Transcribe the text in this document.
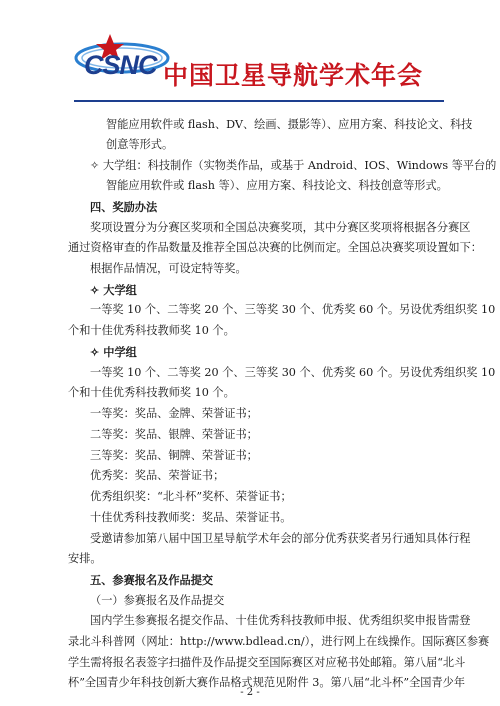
CSNC 中国卫星导航学术年会
智能应用软件或 flash、DV、绘画、摄影等）、应用方案、科技论文、科技
创意等形式。
✧ 大学组：科技制作（实物类作品，或基于 Android、IOS、Windows 等平台的
智能应用软件或 flash 等）、应用方案、科技论文、科技创意等形式。
四、奖励办法
奖项设置分为分赛区奖项和全国总决赛奖项，其中分赛区奖项将根据各分赛区
通过资格审查的作品数量及推荐全国总决赛的比例而定。全国总决赛奖项设置如下：
根据作品情况，可设定特等奖。
✧ 大学组
一等奖 10 个、二等奖 20 个、三等奖 30 个、优秀奖 60 个。另设优秀组织奖 10
个和十佳优秀科技教师奖 10 个。
✧ 中学组
一等奖 10 个、二等奖 20 个、三等奖 30 个、优秀奖 60 个。另设优秀组织奖 10
个和十佳优秀科技教师奖 10 个。
一等奖：奖品、金牌、荣誉证书；
二等奖：奖品、银牌、荣誉证书；
三等奖：奖品、铜牌、荣誉证书；
优秀奖：奖品、荣誉证书；
优秀组织奖：“北斗杯”奖杯、荣誉证书；
十佳优秀科技教师奖：奖品、荣誉证书。
受邀请参加第八届中国卫星导航学术年会的部分优秀获奖者另行通知具体行程
安排。
五、参赛报名及作品提交
（一）参赛报名及作品提交
国内学生参赛报名提交作品、十佳优秀科技教师申报、优秀组织奖申报皆需登
录北斗科普网（网址：http://www.bdlead.cn/），进行网上在线操作。国际赛区参赛
学生需将报名表签字扫描件及作品提交至国际赛区对应秘书处邮箱。第八届“北斗
杯”全国青少年科技创新大赛作品格式规范见附件 3。第八届“北斗杯”全国青少年
- 2 -
